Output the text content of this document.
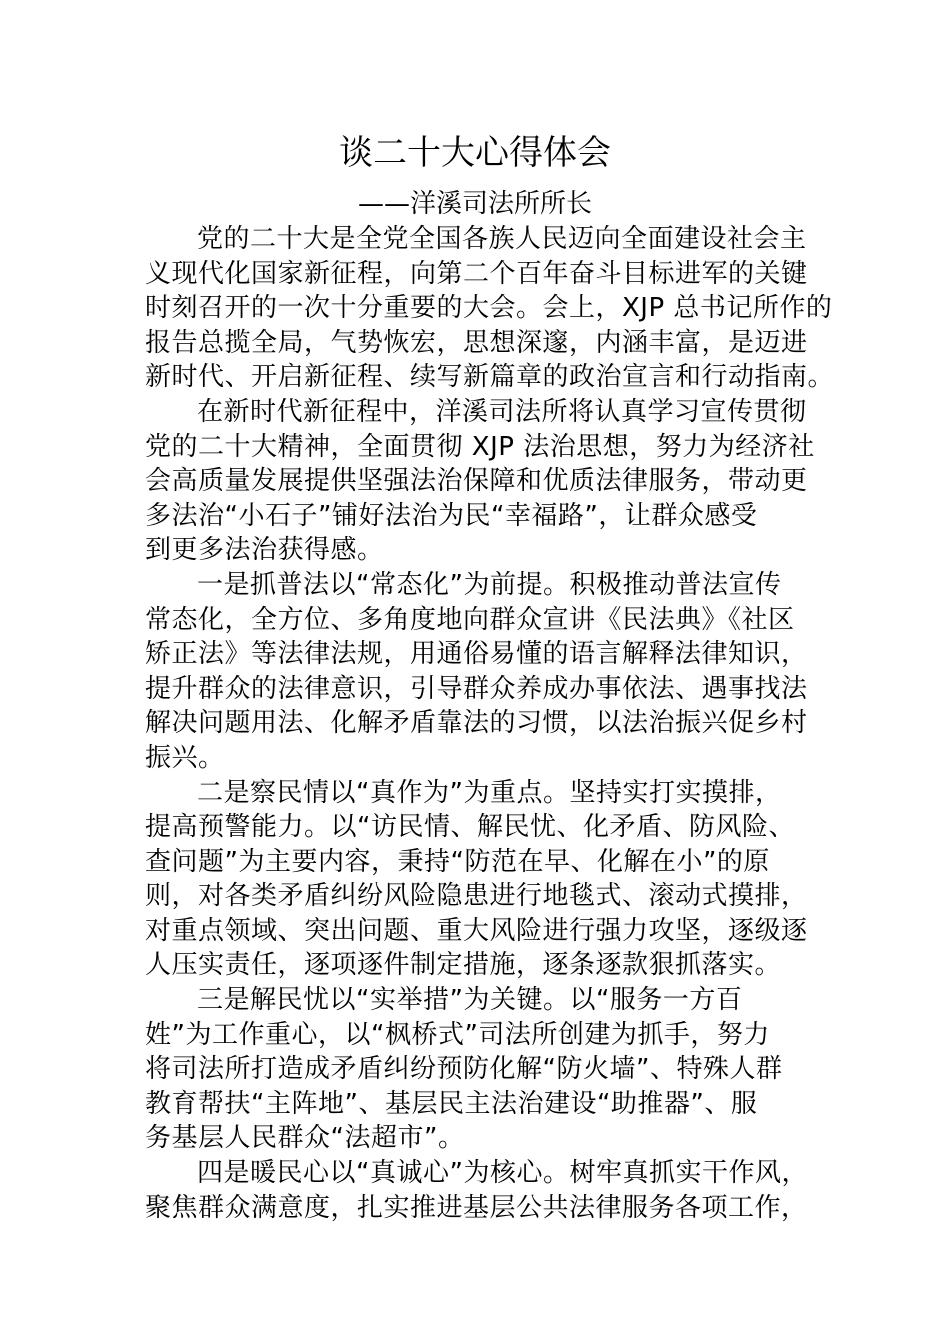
谈二十大心得体会
——洋溪司法所所长
党的二十大是全党全国各族人民迈向全面建设社会主
义现代化国家新征程，向第二个百年奋斗目标进军的关键
时刻召开的一次十分重要的大会。会上，XJP 总书记所作的
报告总揽全局，气势恢宏，思想深邃，内涵丰富，是迈进
新时代、开启新征程、续写新篇章的政治宣言和行动指南。
在新时代新征程中，洋溪司法所将认真学习宣传贯彻
党的二十大精神，全面贯彻 XJP 法治思想，努力为经济社
会高质量发展提供坚强法治保障和优质法律服务，带动更
多法治“小石子”铺好法治为民“幸福路”，让群众感受
到更多法治获得感。
一是抓普法以“常态化”为前提。积极推动普法宣传
常态化，全方位、多角度地向群众宣讲《民法典》《社区
矫正法》等法律法规，用通俗易懂的语言解释法律知识，
提升群众的法律意识，引导群众养成办事依法、遇事找法
解决问题用法、化解矛盾靠法的习惯，以法治振兴促乡村
振兴。
二是察民情以“真作为”为重点。坚持实打实摸排，
提高预警能力。以“访民情、解民忧、化矛盾、防风险、
查问题”为主要内容，秉持“防范在早、化解在小”的原
则，对各类矛盾纠纷风险隐患进行地毯式、滚动式摸排，
对重点领域、突出问题、重大风险进行强力攻坚，逐级逐
人压实责任，逐项逐件制定措施，逐条逐款狠抓落实。
三是解民忧以“实举措”为关键。以“服务一方百
姓”为工作重心，以“枫桥式”司法所创建为抓手，努力
将司法所打造成矛盾纠纷预防化解“防火墙”、特殊人群
教育帮扶“主阵地”、基层民主法治建设“助推器”、服
务基层人民群众“法超市”。
四是暖民心以“真诚心”为核心。树牢真抓实干作风，
聚焦群众满意度，扎实推进基层公共法律服务各项工作，
